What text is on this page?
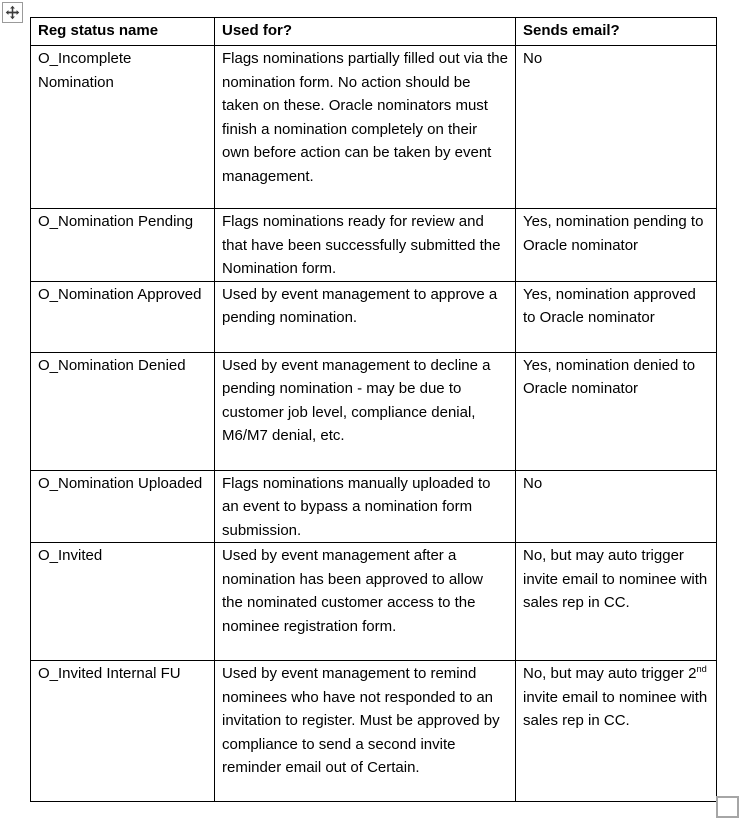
Reg status name	Used for?	Sends email?
O_Incomplete Nomination	Flags nominations partially filled out via the nomination form. No action should be taken on these. Oracle nominators must finish a nomination completely on their own before action can be taken by event management.	No
O_Nomination Pending	Flags nominations ready for review and that have been successfully submitted the Nomination form.	Yes, nomination pending to Oracle nominator
O_Nomination Approved	Used by event management to approve a pending nomination.	Yes, nomination approved to Oracle nominator
O_Nomination Denied	Used by event management to decline a pending nomination - may be due to customer job level, compliance denial, M6/M7 denial, etc.	Yes, nomination denied to Oracle nominator
O_Nomination Uploaded	Flags nominations manually uploaded to an event to bypass a nomination form submission.	No
O_Invited	Used by event management after a nomination has been approved to allow the nominated customer access to the nominee registration form.	No, but may auto trigger invite email to nominee with sales rep in CC.
O_Invited Internal FU	Used by event management to remind nominees who have not responded to an invitation to register. Must be approved by compliance to send a second invite reminder email out of Certain.	No, but may auto trigger 2nd invite email to nominee with sales rep in CC.
